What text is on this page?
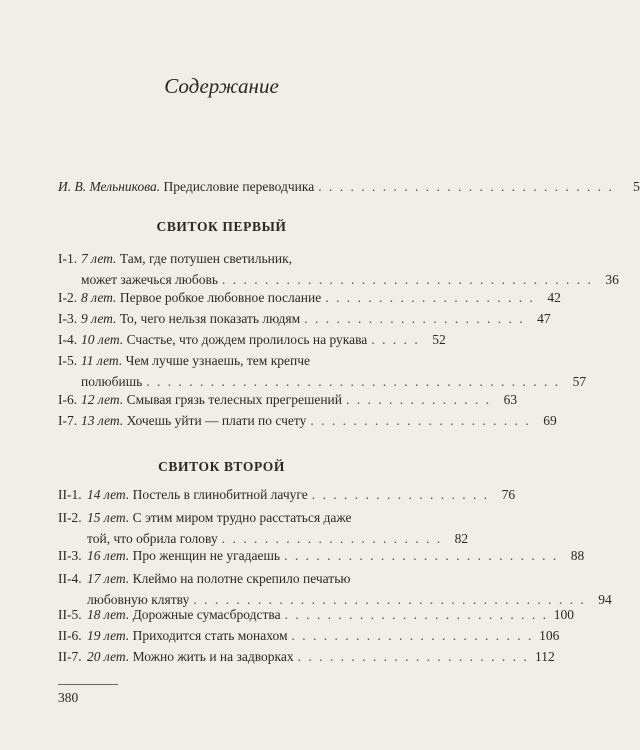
Содержание
И. В. Мельникова. Предисловие переводчика . . . . . . . . . . . . . . . . . . . . . . . . . . . .	5
СВИТОК ПЕРВЫЙ
I-1. 7 лет. Там, где потушен светильник,
может зажечься любовь . . . . . . . . . . . . . . . . . . . . . . . . . . . . . . . . . . . 36
I-2. 8 лет. Первое робкое любовное послание . . . . . . . . . . . . . . . . . . . . 42
I-3. 9 лет. То, чего нельзя показать людям . . . . . . . . . . . . . . . . . . . . . 47
I-4. 10 лет. Счастье, что дождем пролилось на рукава . . . . . 52
I-5. 11 лет. Чем лучше узнаешь, тем крепче
полюбишь . . . . . . . . . . . . . . . . . . . . . . . . . . . . . . . . . . . . . . . 57
I-6. 12 лет. Смывая грязь телесных прегрешений . . . . . . . . . . . . . . 63
I-7. 13 лет. Хочешь уйти — плати по счету . . . . . . . . . . . . . . . . . . . . . 69
СВИТОК ВТОРОЙ
II-1. 14 лет. Постель в глинобитной лачуге . . . . . . . . . . . . . . . . . 76
II-2. 15 лет. С этим миром трудно расстаться даже
той, что обрила голову . . . . . . . . . . . . . . . . . . . . . 82
II-3. 16 лет. Про женщин не угадаешь . . . . . . . . . . . . . . . . . . . . . . . . . . 88
II-4. 17 лет. Клеймо на полотне скрепило печатью
любовную клятву . . . . . . . . . . . . . . . . . . . . . . . . . . . . . . . . . . . . . 94
II-5. 18 лет. Дорожные сумасбродства . . . . . . . . . . . . . . . . . . . . . . . . . 100
II-6. 19 лет. Приходится стать монахом . . . . . . . . . . . . . . . . . . . . . . . 106
II-7. 20 лет. Можно жить и на задворках . . . . . . . . . . . . . . . . . . . . . . 112
380
